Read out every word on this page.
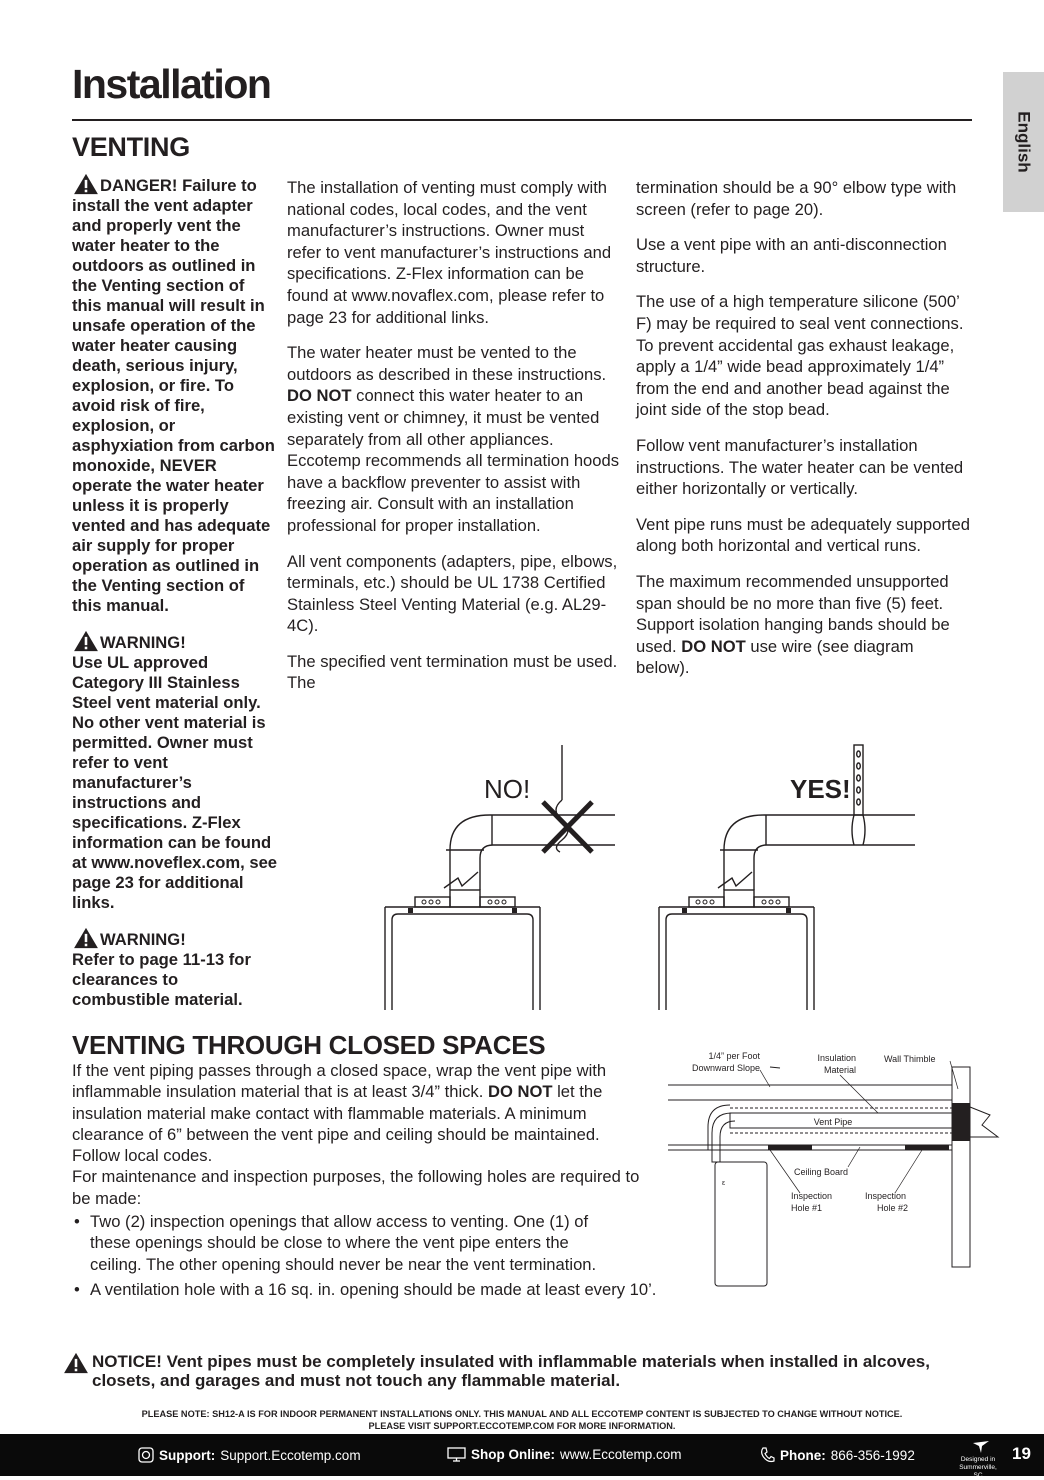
Installation
English
VENTING
DANGER! Failure to install the vent adapter and properly vent the water heater to the outdoors as outlined in the Venting section of this manual will result in unsafe operation of the water heater causing death, serious injury, explosion, or fire. To avoid risk of fire, explosion, or asphyxiation from carbon monoxide, NEVER operate the water heater unless it is properly vented and has adequate air supply for proper operation as outlined in the Venting section of this manual.
WARNING!
Use UL approved Category III Stainless Steel vent material only. No other vent material is permitted. Owner must refer to vent manufacturer’s instructions and specifications. Z-Flex information can be found at www.noveflex.com, see page 23 for additional links.
WARNING!
Refer to page 11-13 for clearances to combustible material.

The installation of venting must comply with national codes, local codes, and the vent manufacturer’s instructions. Owner must refer to vent manufacturer’s instructions and specifications. Z-Flex information can be found at www.novaflex.com, please refer to page 23 for additional links.

The water heater must be vented to the outdoors as described in these instructions. DO NOT connect this water heater to an existing vent or chimney, it must be vented separately from all other appliances. Eccotemp recommends all termination hoods have a backflow preventer to assist with freezing air. Consult with an installation professional for proper installation.

All vent components (adapters, pipe, elbows, terminals, etc.) should be UL 1738 Certified Stainless Steel Venting Material (e.g. AL29-4C).

The specified vent termination must be used. The

termination should be a 90° elbow type with screen (refer to page 20).

Use a vent pipe with an anti-disconnection structure.

The use of a high temperature silicone (500’ F) may be required to seal vent connections. To prevent accidental gas exhaust leakage, apply a 1/4” wide bead approximately 1/4” from the end and another bead against the joint side of the stop bead.

Follow vent manufacturer’s installation instructions. The water heater can be vented either horizontally or vertically.

Vent pipe runs must be adequately supported along both horizontal and vertical runs.

The maximum recommended unsupported span should be no more than five (5) feet. Support isolation hanging bands should be used. DO NOT use wire (see diagram below).

NO!	YES!
VENTING THROUGH CLOSED SPACES

If the vent piping passes through a closed space, wrap the vent pipe with inflammable insulation material that is at least 3/4” thick. DO NOT let the insulation material make contact with flammable materials. A minimum clearance of 6” between the vent pipe and ceiling should be maintained. Follow local codes.

For maintenance and inspection purposes, the following holes are required to be made:

• Two (2) inspection openings that allow access to venting. One (1) of these openings should be close to where the vent pipe enters the ceiling. The other opening should never be near the vent termination.
• A ventilation hole with a 16 sq. in. opening should be made at least every 10’.
ε
1/4” per Foot
Downward Slope
Insulation
Material
Wall Thimble
Vent Pipe
Ceiling Board
Inspection
Hole #1
Inspection
Hole #2
NOTICE! Vent pipes must be completely insulated with inflammable materials when installed in alcoves, closets, and garages and must not touch any flammable material.
PLEASE NOTE: SH12-A IS FOR INDOOR PERMANENT INSTALLATIONS ONLY. THIS MANUAL AND ALL ECCOTEMP CONTENT IS SUBJECTED TO CHANGE WITHOUT NOTICE.
PLEASE VISIT SUPPORT.ECCOTEMP.COM FOR MORE INFORMATION.
Support: Support.Eccotemp.com	Shop Online: www.Eccotemp.com	Phone: 866-356-1992	Designed in
Summerville, SC
19
